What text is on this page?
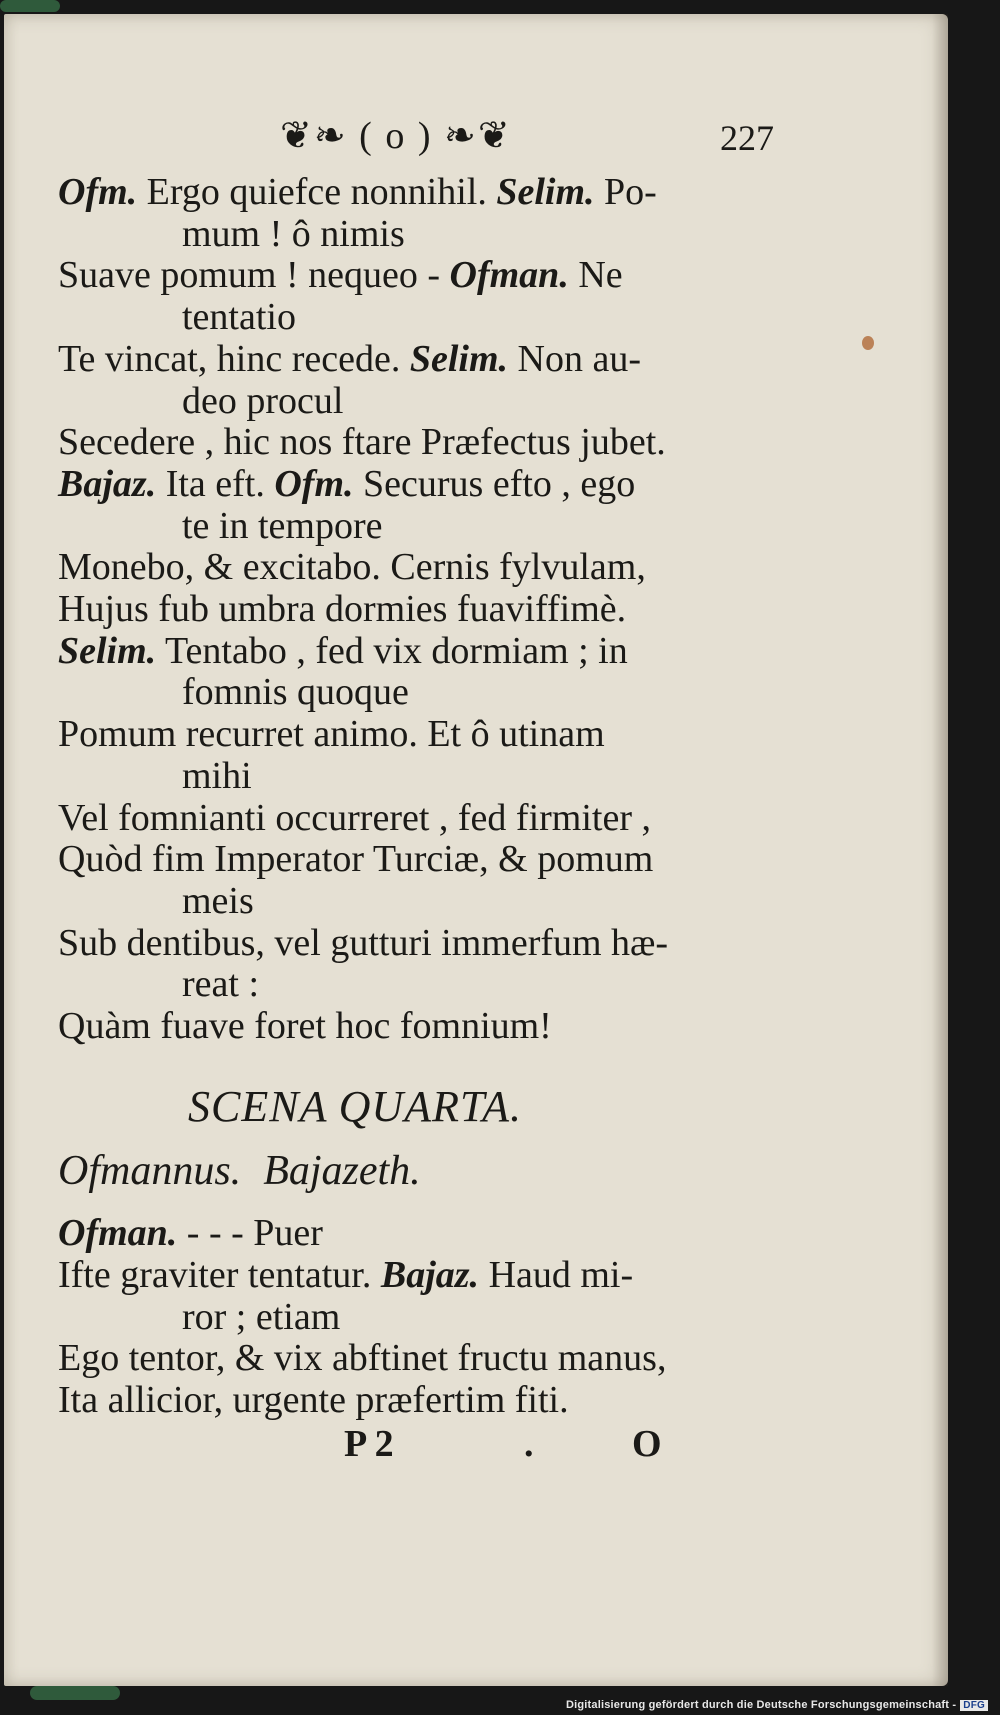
❦❧ ( o ) ❧❦	227
Ofm. Ergo quiefce nonnihil. Selim. Po-
mum ! ô nimis
Suave pomum ! nequeo - Ofman. Ne
tentatio
Te vincat, hinc recede. Selim. Non au-
deo procul
Secedere , hic nos ftare Præfectus jubet.
Bajaz. Ita eft. Ofm. Securus efto , ego
te in tempore
Monebo, & excitabo. Cernis fylvulam,
Hujus fub umbra dormies fuaviffimè.
Selim. Tentabo , fed vix dormiam ; in
fomnis quoque
Pomum recurret animo. Et ô utinam
mihi
Vel fomnianti occurreret , fed firmiter ,
Quòd fim Imperator Turciæ, & pomum
meis
Sub dentibus, vel gutturi immerfum hæ-
reat :
Quàm fuave foret hoc fomnium!
SCENA QUARTA.
Ofmannus. Bajazeth.
Ofman. - - - Puer
Ifte graviter tentatur. Bajaz. Haud mi-
ror ; etiam
Ego tentor, & vix abftinet fructu manus,
Ita allicior, urgente præfertim fiti.
P 2	.	O
Digitalisierung gefördert durch die Deutsche Forschungsgemeinschaft - DFG
